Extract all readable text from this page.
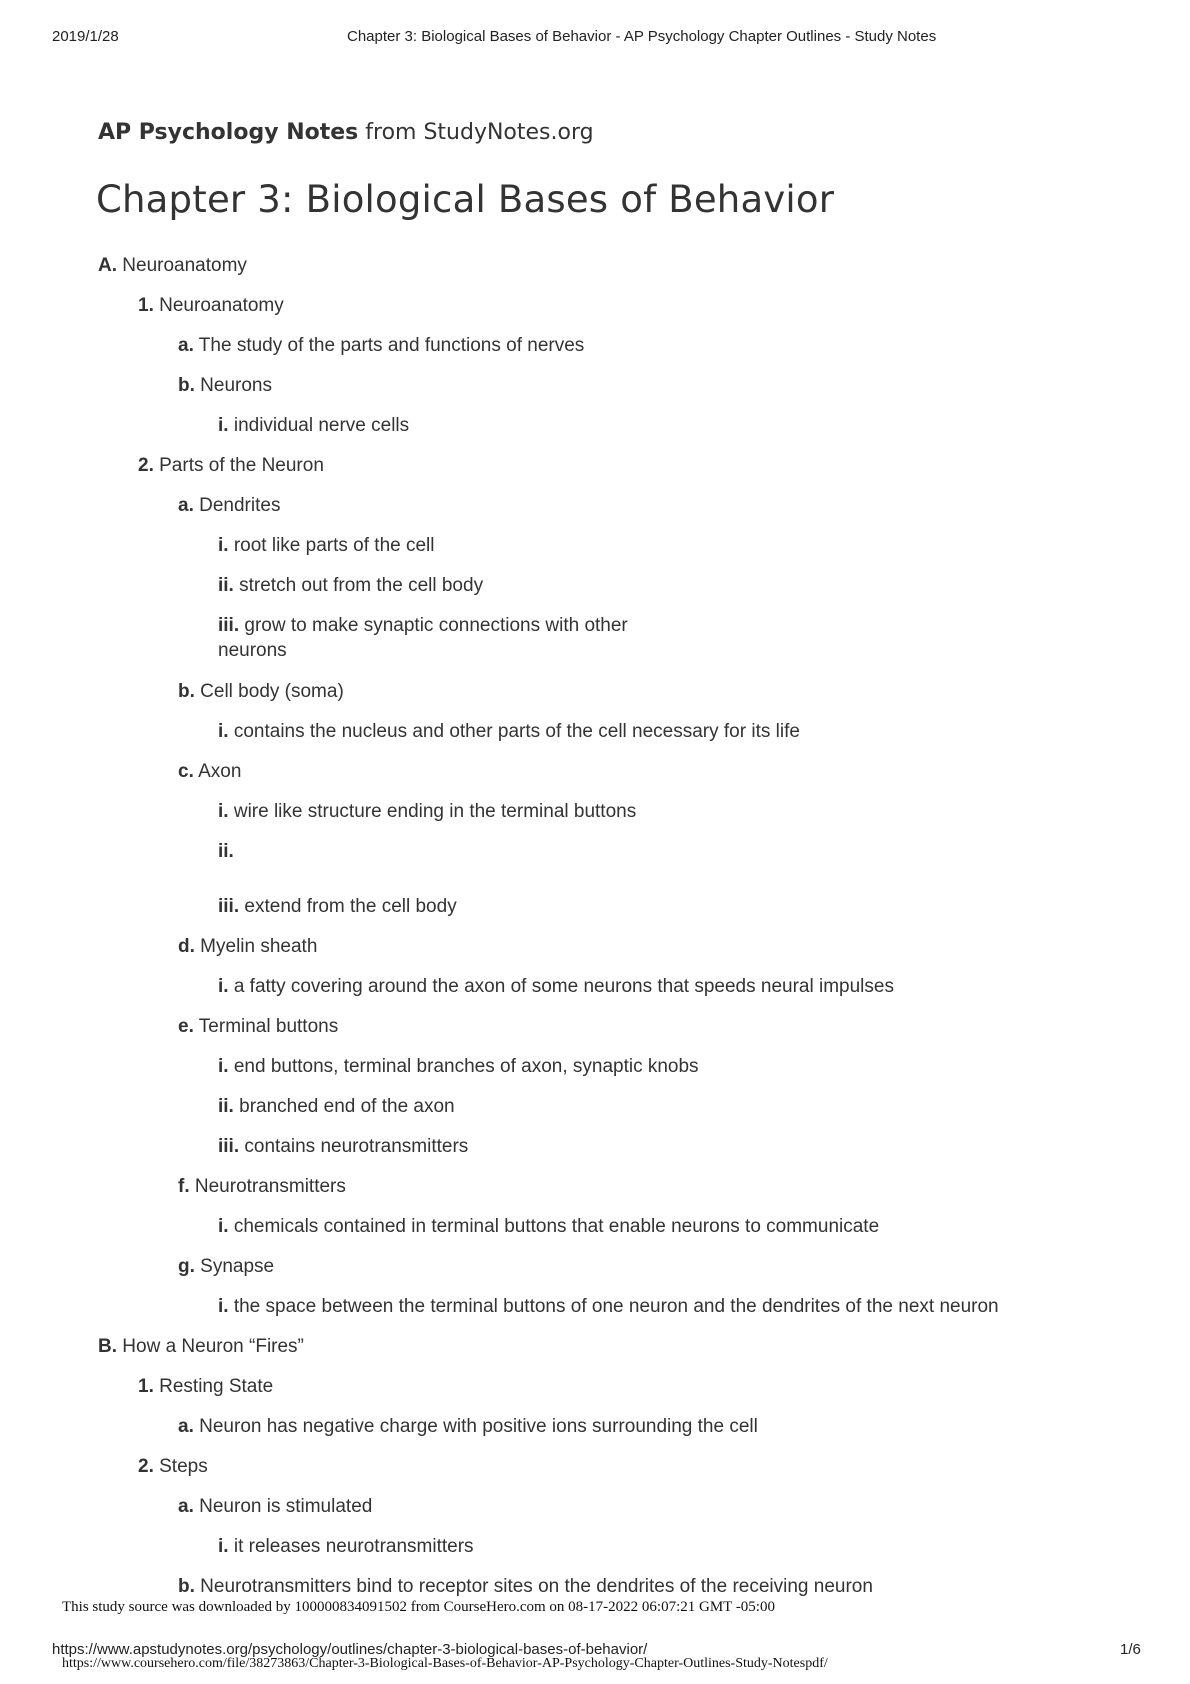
2019/1/28	Chapter 3: Biological Bases of Behavior - AP Psychology Chapter Outlines - Study Notes
AP Psychology Notes from StudyNotes.org
Chapter 3: Biological Bases of Behavior
A. Neuroanatomy
1. Neuroanatomy
a. The study of the parts and functions of nerves
b. Neurons
i. individual nerve cells
2. Parts of the Neuron
a. Dendrites
i. root like parts of the cell
ii. stretch out from the cell body
iii. grow to make synaptic connections with other neurons
b. Cell body (soma)
i. contains the nucleus and other parts of the cell necessary for its life
c. Axon
i. wire like structure ending in the terminal buttons
ii.
iii. extend from the cell body
d. Myelin sheath
i. a fatty covering around the axon of some neurons that speeds neural impulses
e. Terminal buttons
i. end buttons, terminal branches of axon, synaptic knobs
ii. branched end of the axon
iii. contains neurotransmitters
f. Neurotransmitters
i. chemicals contained in terminal buttons that enable neurons to communicate
g. Synapse
i. the space between the terminal buttons of one neuron and the dendrites of the next neuron
B. How a Neuron “Fires”
1. Resting State
a. Neuron has negative charge with positive ions surrounding the cell
2. Steps
a. Neuron is stimulated
i. it releases neurotransmitters
b. Neurotransmitters bind to receptor sites on the dendrites of the receiving neuron
This study source was downloaded by 100000834091502 from CourseHero.com on 08-17-2022 06:07:21 GMT -05:00
https://www.apstudynotes.org/psychology/outlines/chapter-3-biological-bases-of-behavior/	1/6
https://www.coursehero.com/file/38273863/Chapter-3-Biological-Bases-of-Behavior-AP-Psychology-Chapter-Outlines-Study-Notespdf/
